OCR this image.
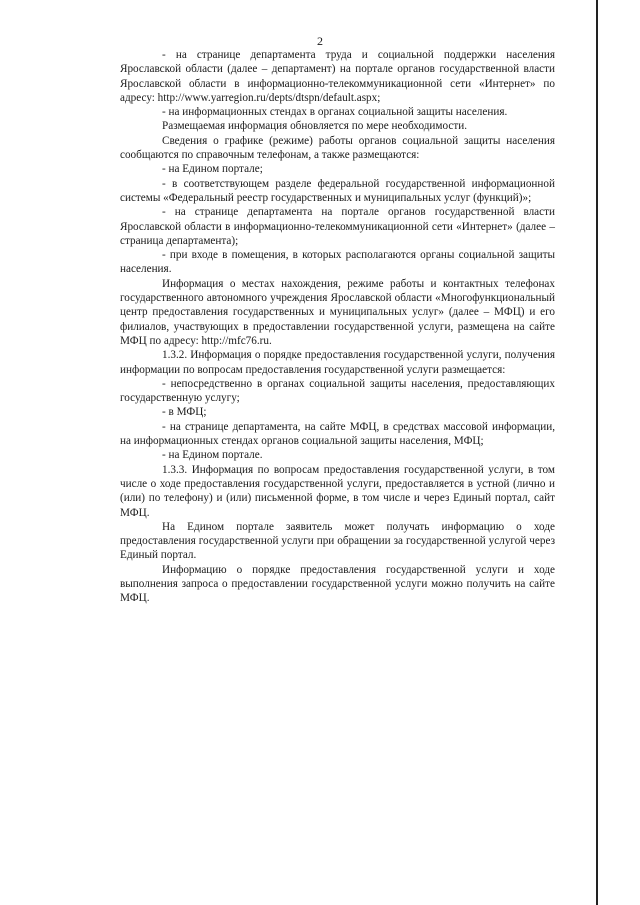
2

- на странице департамента труда и социальной поддержки населения Ярославской области (далее – департамент) на портале органов государственной власти Ярославской области в информационно-телекоммуникационной сети «Интернет» по адресу: http://www.yarregion.ru/depts/dtspn/default.aspx;

- на информационных стендах в органах социальной защиты населения.

Размещаемая информация обновляется по мере необходимости.

Сведения о графике (режиме) работы органов социальной защиты населения сообщаются по справочным телефонам, а также размещаются:

- на Едином портале;

- в соответствующем разделе федеральной государственной информационной системы «Федеральный реестр государственных и муниципальных услуг (функций)»;

- на странице департамента на портале органов государственной власти Ярославской области в информационно-телекоммуникационной сети «Интернет» (далее – страница департамента);

- при входе в помещения, в которых располагаются органы социальной защиты населения.

Информация о местах нахождения, режиме работы и контактных телефонах государственного автономного учреждения Ярославской области «Многофункциональный центр предоставления государственных и муниципальных услуг» (далее – МФЦ) и его филиалов, участвующих в предоставлении государственной услуги, размещена на сайте МФЦ по адресу: http://mfc76.ru.

1.3.2. Информация о порядке предоставления государственной услуги, получения информации по вопросам предоставления государственной услуги размещается:

- непосредственно в органах социальной защиты населения, предоставляющих государственную услугу;

- в МФЦ;

- на странице департамента, на сайте МФЦ, в средствах массовой информации, на информационных стендах органов социальной защиты населения, МФЦ;

- на Едином портале.

1.3.3. Информация по вопросам предоставления государственной услуги, в том числе о ходе предоставления государственной услуги, предоставляется в устной (лично и (или) по телефону) и (или) письменной форме, в том числе и через Единый портал, сайт МФЦ.

На Едином портале заявитель может получать информацию о ходе предоставления государственной услуги при обращении за государственной услугой через Единый портал.

Информацию о порядке предоставления государственной услуги и ходе выполнения запроса о предоставлении государственной услуги можно получить на сайте МФЦ.
